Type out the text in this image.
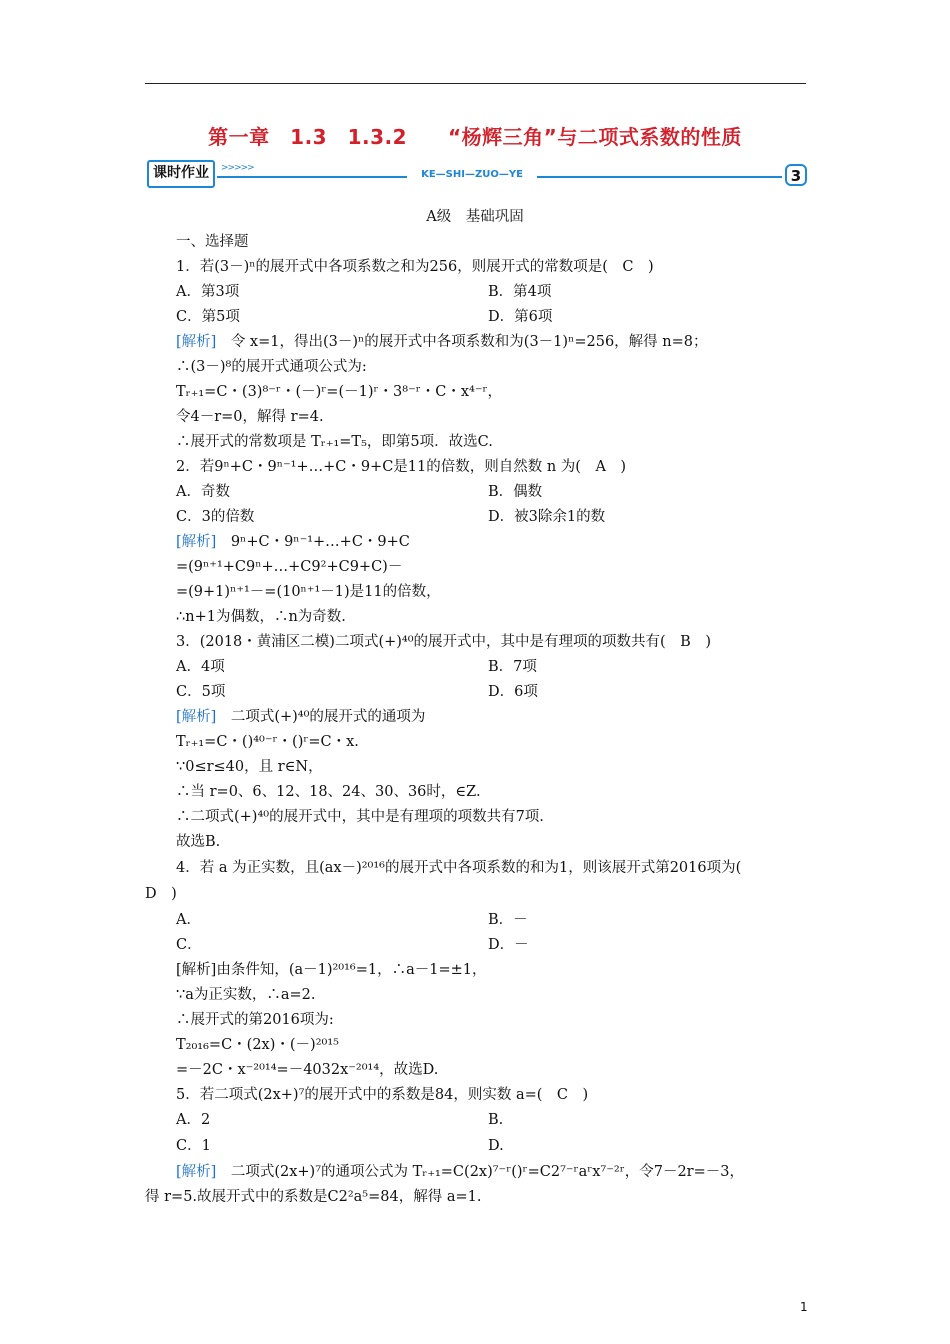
第一章　1.3　1.3.2　　“杨辉三角”与二项式系数的性质
课时作业	>>>>>
KE—SHI—ZUO—YE	3
A级　基础巩固
一、选择题
1．若(3－)ⁿ的展开式中各项系数之和为256，则展开式的常数项是(　C　)
A．第3项	B．第4项
C．第5项	D．第6项
[解析]　令 x=1，得出(3－)ⁿ的展开式中各项系数和为(3－1)ⁿ=256，解得 n=8；
∴(3－)⁸的展开式通项公式为:
Tᵣ₊₁=C・(3)⁸⁻ʳ・(－)ʳ=(－1)ʳ・3⁸⁻ʳ・C・x⁴⁻ʳ，
令4－r=0，解得 r=4.
∴展开式的常数项是 Tᵣ₊₁=T₅，即第5项．故选C.
2．若9ⁿ+C・9ⁿ⁻¹+…+C・9+C是11的倍数，则自然数 n 为(　A　)
A．奇数	B．偶数
C．3的倍数	D．被3除余1的数
[解析]　9ⁿ+C・9ⁿ⁻¹+…+C・9+C
=(9ⁿ⁺¹+C9ⁿ+…+C9²+C9+C)－
=(9+1)ⁿ⁺¹－=(10ⁿ⁺¹－1)是11的倍数，
∴n+1为偶数，∴n为奇数.
3．(2018・黄浦区二模)二项式(+)⁴⁰的展开式中，其中是有理项的项数共有(　B　)
A．4项	B．7项
C．5项	D．6项
[解析]　二项式(+)⁴⁰的展开式的通项为
Tᵣ₊₁=C・()⁴⁰⁻ʳ・()ʳ=C・x.
∵0≤r≤40，且 r∈N，
∴当 r=0、6、12、18、24、30、36时，∈Z.
∴二项式(+)⁴⁰的展开式中，其中是有理项的项数共有7项.
故选B.
4．若 a 为正实数，且(ax－)²⁰¹⁶的展开式中各项系数的和为1，则该展开式第2016项为(
D　)
A．	B．－
C．	D．－
[解析]由条件知，(a－1)²⁰¹⁶=1，∴a－1=±1，
∵a为正实数，∴a=2.
∴展开式的第2016项为:
T₂₀₁₆=C・(2x)・(－)²⁰¹⁵
=－2C・x⁻²⁰¹⁴=－4032x⁻²⁰¹⁴，故选D.
5．若二项式(2x+)⁷的展开式中的系数是84，则实数 a=(　C　)
A．2	B.
C．1	D.
[解析]　二项式(2x+)⁷的通项公式为 Tᵣ₊₁=C(2x)⁷⁻ʳ()ʳ=C2⁷⁻ʳaʳx⁷⁻²ʳ，令7－2r=－3，
得 r=5.故展开式中的系数是C2²a⁵=84，解得 a=1.
1
